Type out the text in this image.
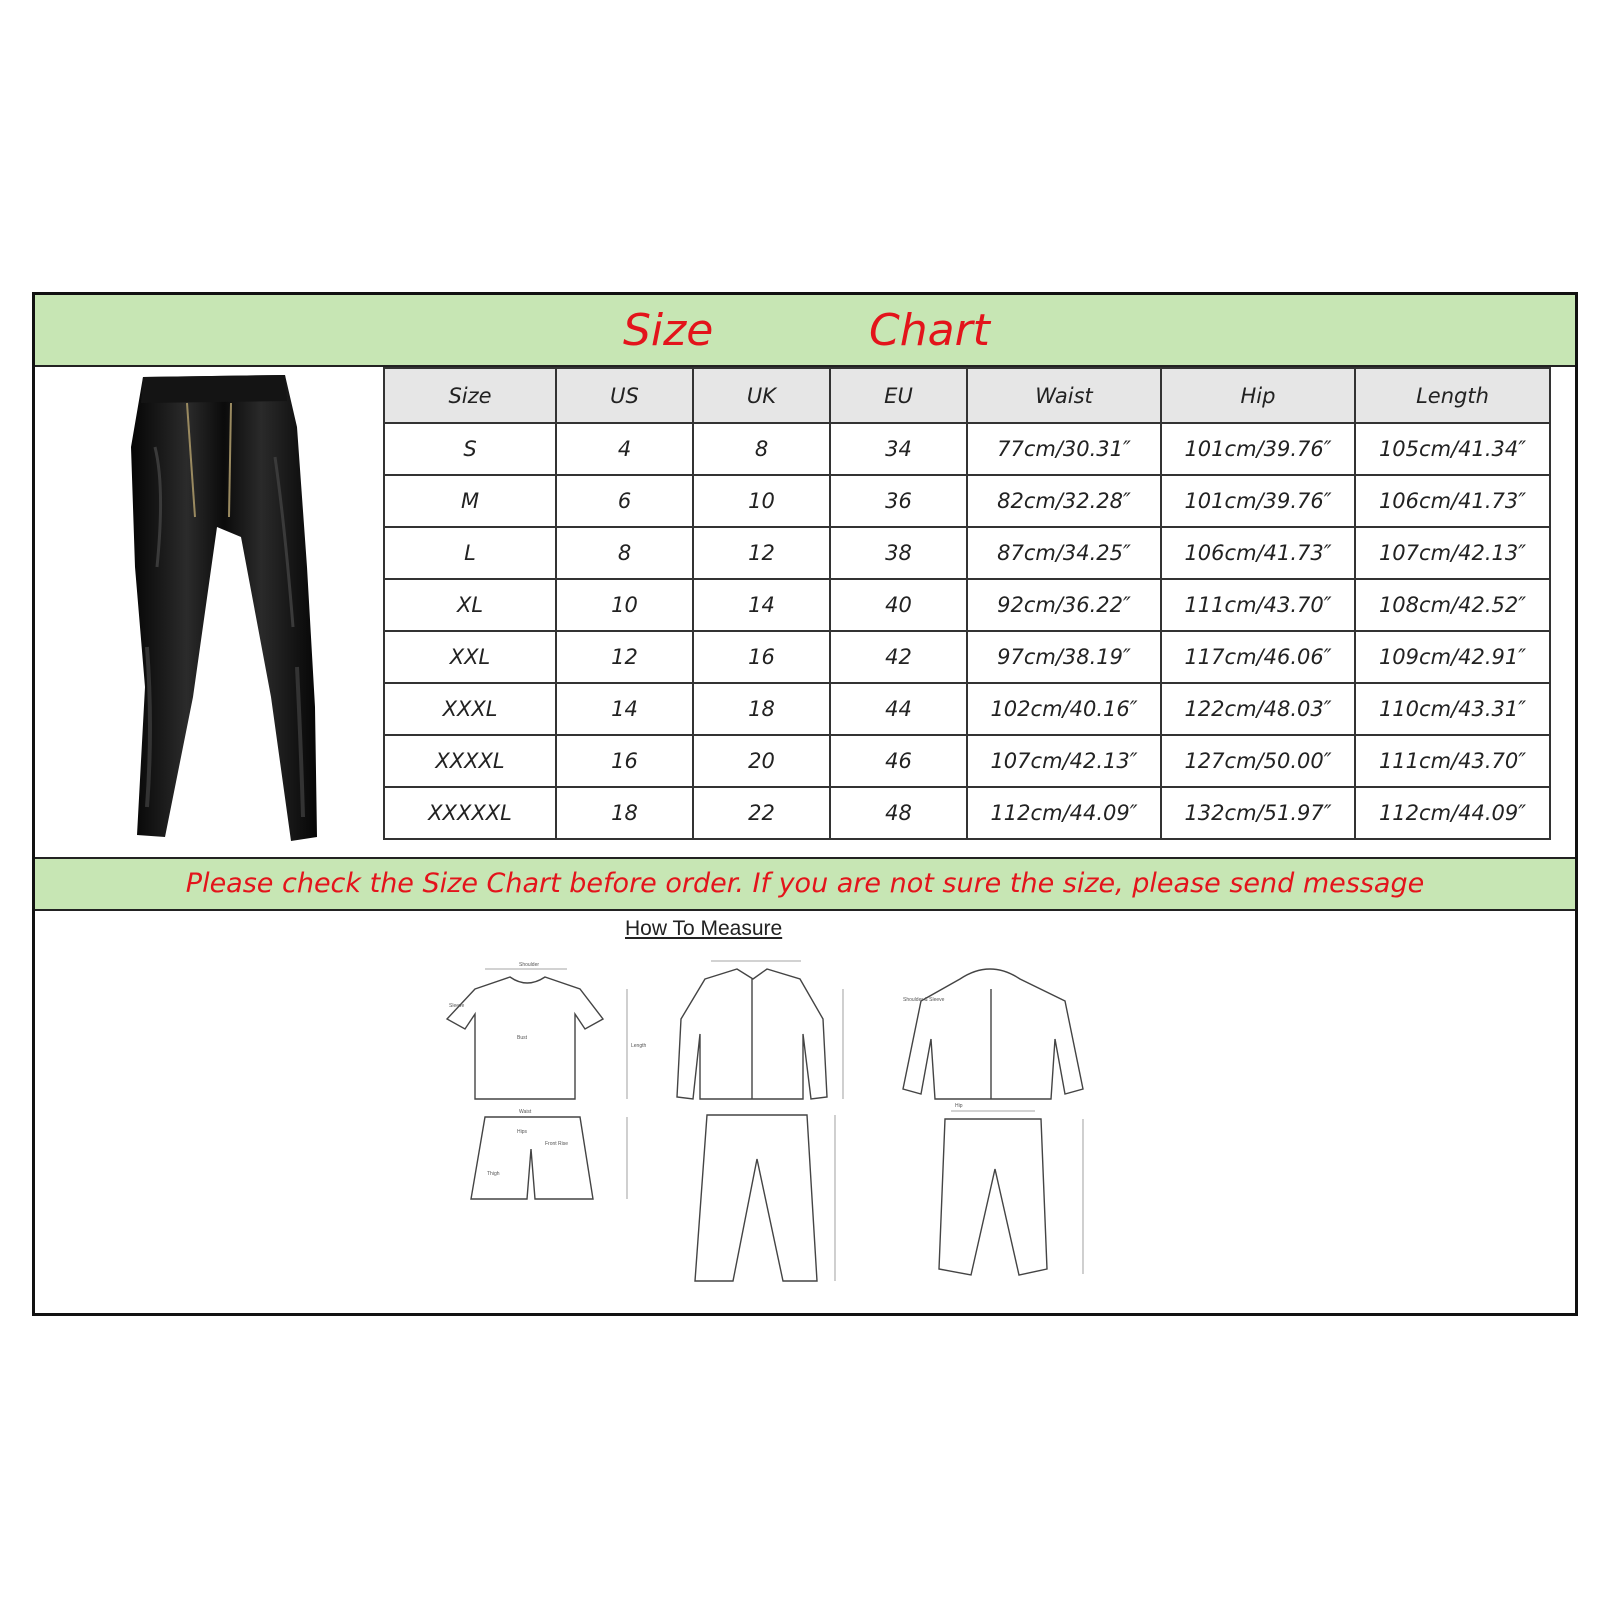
Size	Chart
Size	US	UK	EU	Waist	Hip	Length
S	4	8	34	77cm/30.31″	101cm/39.76″	105cm/41.34″
M	6	10	36	82cm/32.28″	101cm/39.76″	106cm/41.73″
L	8	12	38	87cm/34.25″	106cm/41.73″	107cm/42.13″
XL	10	14	40	92cm/36.22″	111cm/43.70″	108cm/42.52″
XXL	12	16	42	97cm/38.19″	117cm/46.06″	109cm/42.91″
XXXL	14	18	44	102cm/40.16″	122cm/48.03″	110cm/43.31″
XXXXL	16	20	46	107cm/42.13″	127cm/50.00″	111cm/43.70″
XXXXXL	18	22	48	112cm/44.09″	132cm/51.97″	112cm/44.09″
Please check the Size Chart before order. If you are not sure the size, please send message
How To Measure
Shoulder
Sleeve
Bust
Length
Waist
Hips
Front Rise
Thigh
Hip
Shoulder & Sleeve
